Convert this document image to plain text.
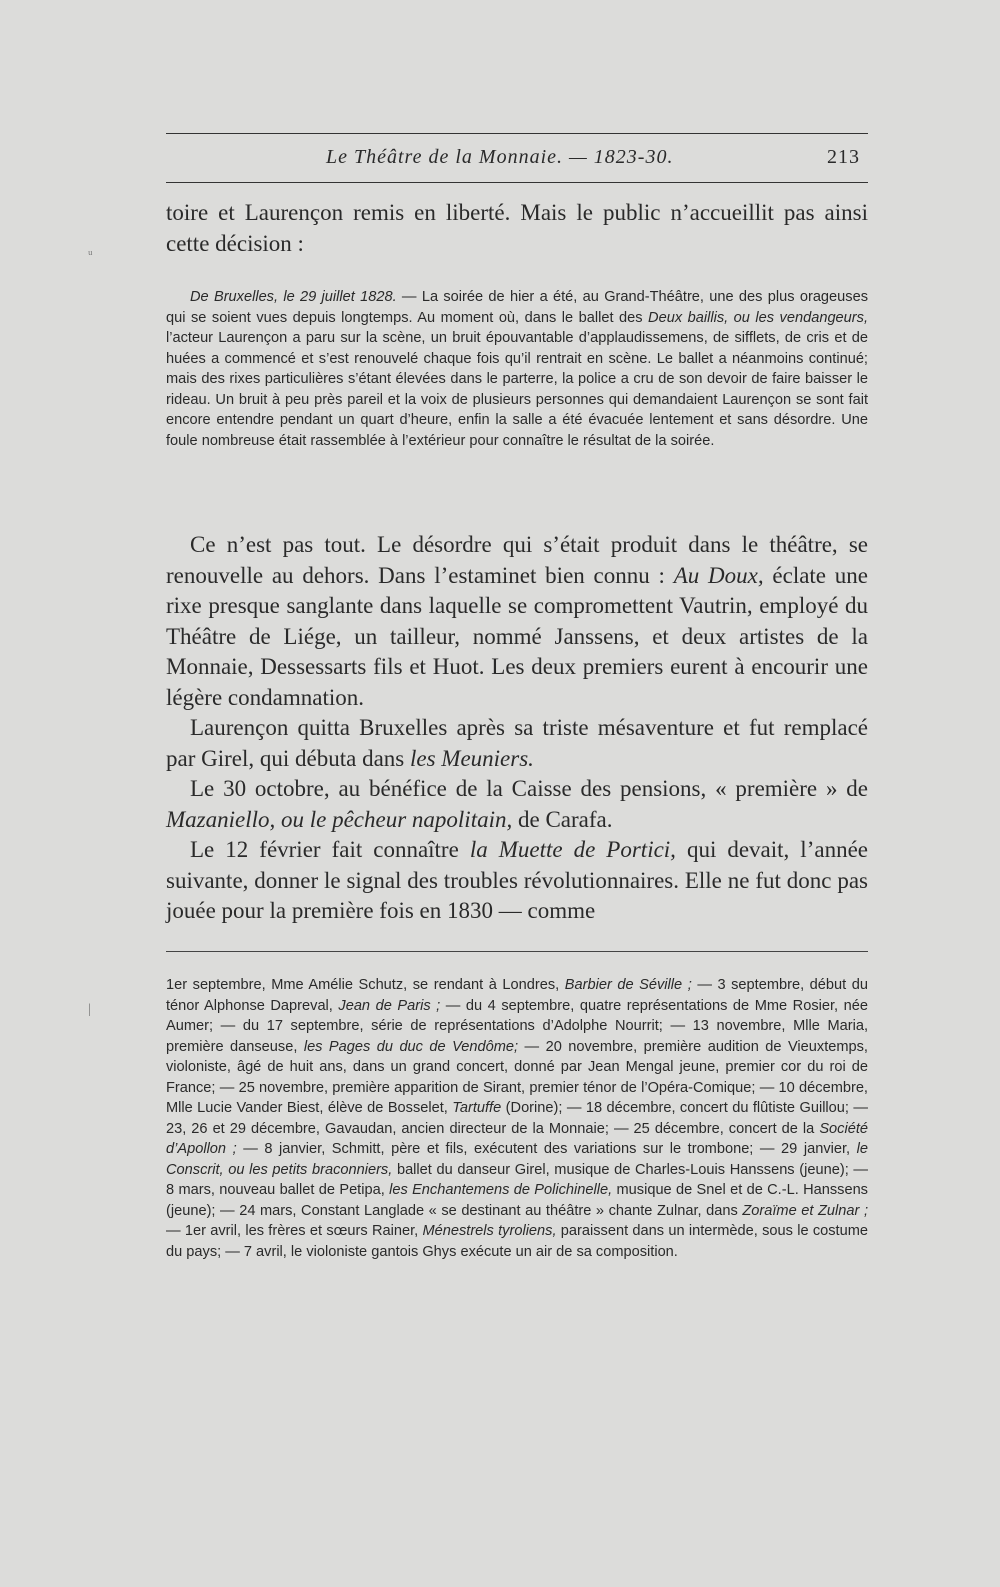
ᵘ
|
Le Théâtre de la Monnaie. — 1823-30.	213

toire et Laurençon remis en liberté. Mais le public n’accueillit pas ainsi cette décision :

De Bruxelles, le 29 juillet 1828. — La soirée de hier a été, au Grand-Théâtre, une des plus orageuses qui se soient vues depuis longtemps. Au moment où, dans le ballet des Deux baillis, ou les vendangeurs, l’acteur Laurençon a paru sur la scène, un bruit épouvantable d’applaudissemens, de sifflets, de cris et de huées a commencé et s’est renouvelé chaque fois qu’il rentrait en scène. Le ballet a néanmoins continué; mais des rixes particulières s’étant élevées dans le parterre, la police a cru de son devoir de faire baisser le rideau. Un bruit à peu près pareil et la voix de plusieurs personnes qui demandaient Laurençon se sont fait encore entendre pendant un quart d’heure, enfin la salle a été évacuée lentement et sans désordre. Une foule nombreuse était rassemblée à l’extérieur pour connaître le résultat de la soirée.

Ce n’est pas tout. Le désordre qui s’était produit dans le théâtre, se renouvelle au dehors. Dans l’estaminet bien connu : Au Doux, éclate une rixe presque sanglante dans laquelle se compromettent Vautrin, employé du Théâtre de Liége, un tailleur, nommé Janssens, et deux artistes de la Monnaie, Dessessarts fils et Huot. Les deux premiers eurent à encourir une légère condamnation.

Laurençon quitta Bruxelles après sa triste mésaventure et fut remplacé par Girel, qui débuta dans les Meuniers.

Le 30 octobre, au bénéfice de la Caisse des pensions, « première » de Mazaniello, ou le pêcheur napolitain, de Carafa.

Le 12 février fait connaître la Muette de Portici, qui devait, l’année suivante, donner le signal des troubles révolutionnaires. Elle ne fut donc pas jouée pour la première fois en 1830 — comme

1er septembre, Mme Amélie Schutz, se rendant à Londres, Barbier de Séville ; — 3 septembre, début du ténor Alphonse Dapreval, Jean de Paris ; — du 4 septembre, quatre représentations de Mme Rosier, née Aumer; — du 17 septembre, série de représentations d’Adolphe Nourrit; — 13 novembre, Mlle Maria, première danseuse, les Pages du duc de Vendôme; — 20 novembre, première audition de Vieuxtemps, violoniste, âgé de huit ans, dans un grand concert, donné par Jean Mengal jeune, premier cor du roi de France; — 25 novembre, première apparition de Sirant, premier ténor de l’Opéra-Comique; — 10 décembre, Mlle Lucie Vander Biest, élève de Bosselet, Tartuffe (Dorine); — 18 décembre, concert du flûtiste Guillou; — 23, 26 et 29 décembre, Gavaudan, ancien directeur de la Monnaie; — 25 décembre, concert de la Société d’Apollon ; — 8 janvier, Schmitt, père et fils, exécutent des variations sur le trombone; — 29 janvier, le Conscrit, ou les petits braconniers, ballet du danseur Girel, musique de Charles-Louis Hanssens (jeune); — 8 mars, nouveau ballet de Petipa, les Enchantemens de Polichinelle, musique de Snel et de C.-L. Hanssens (jeune); — 24 mars, Constant Langlade « se destinant au théâtre » chante Zulnar, dans Zoraïme et Zulnar ; — 1er avril, les frères et sœurs Rainer, Ménestrels tyroliens, paraissent dans un intermède, sous le costume du pays; — 7 avril, le violoniste gantois Ghys exécute un air de sa composition.
